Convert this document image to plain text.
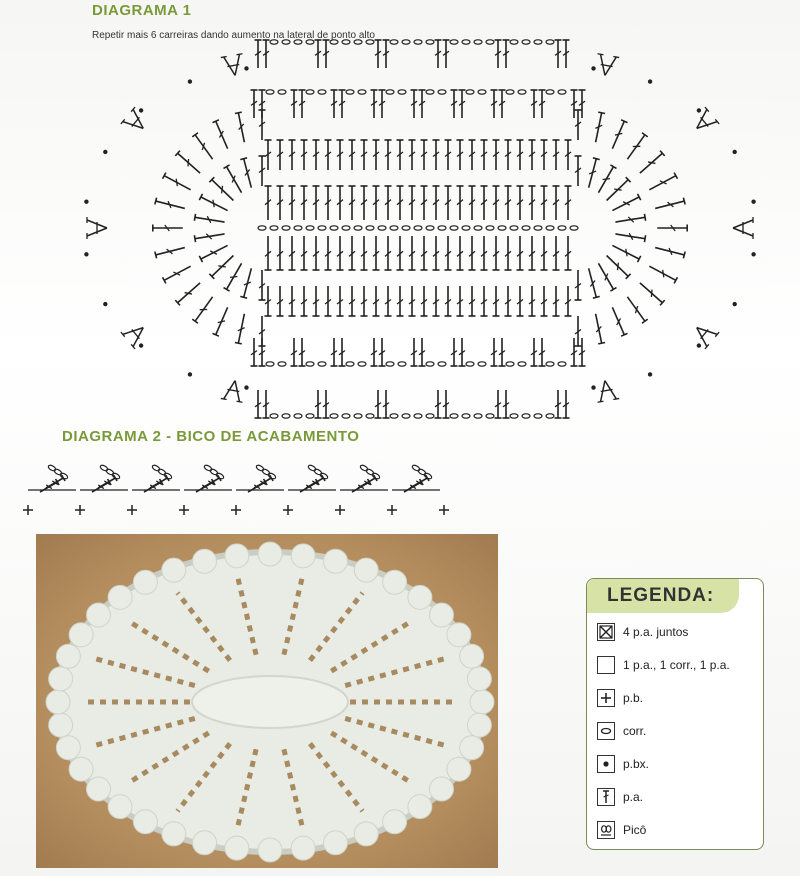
DIAGRAMA 1
Repetir mais 6 carreiras dando aumento na lateral de ponto alto
DIAGRAMA 2 - BICO DE ACABAMENTO
LEGENDA:
4 p.a. juntos
1 p.a., 1 corr., 1 p.a.
p.b.
corr.
p.bx.
p.a.
Picô
